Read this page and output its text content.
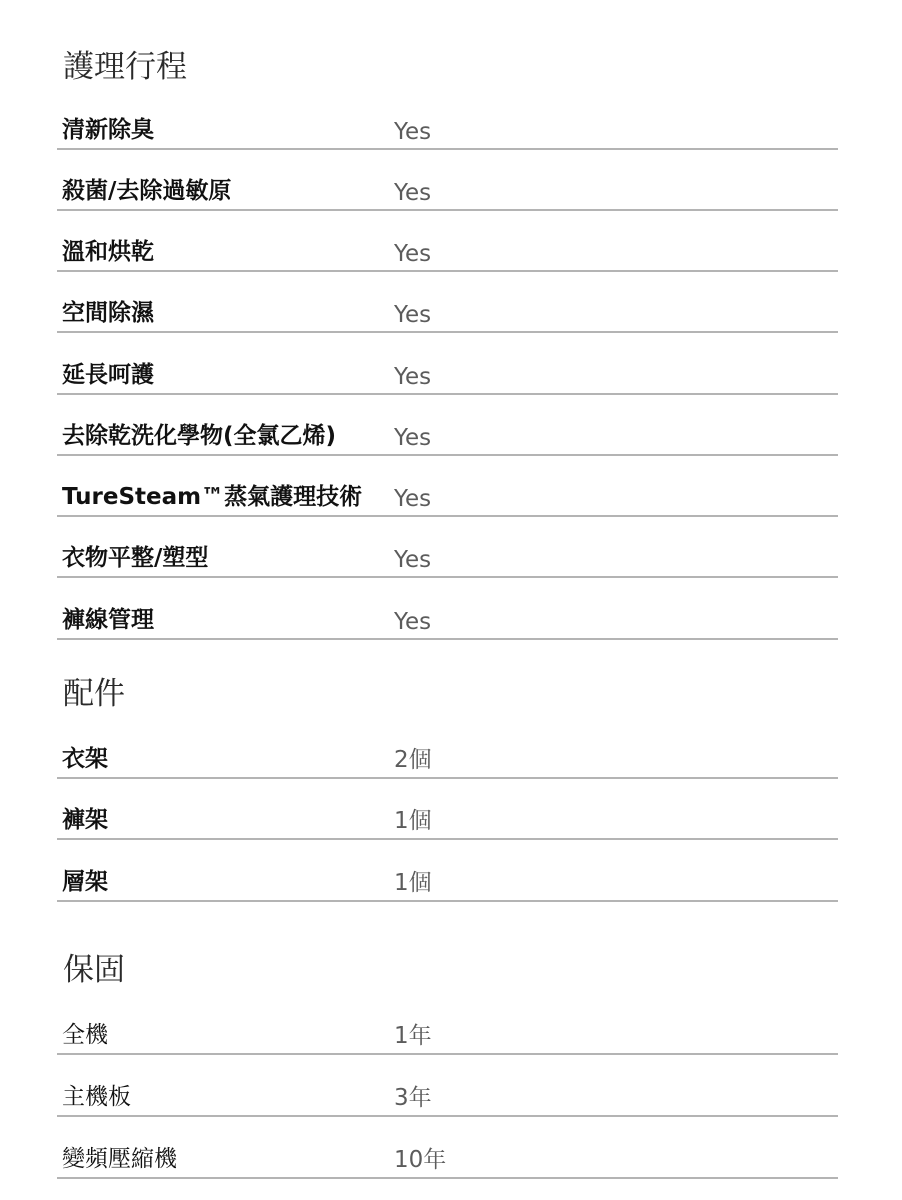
護理行程
清新除臭	Yes
殺菌/去除過敏原	Yes
溫和烘乾	Yes
空間除濕	Yes
延長呵護	Yes
去除乾洗化學物(全氯乙烯)	Yes
TureSteam™蒸氣護理技術 Yes
衣物平整/塑型	Yes
褲線管理	Yes
配件
衣架	2個
褲架	1個
層架	1個
保固
全機	1年
主機板	3年
變頻壓縮機	10年
